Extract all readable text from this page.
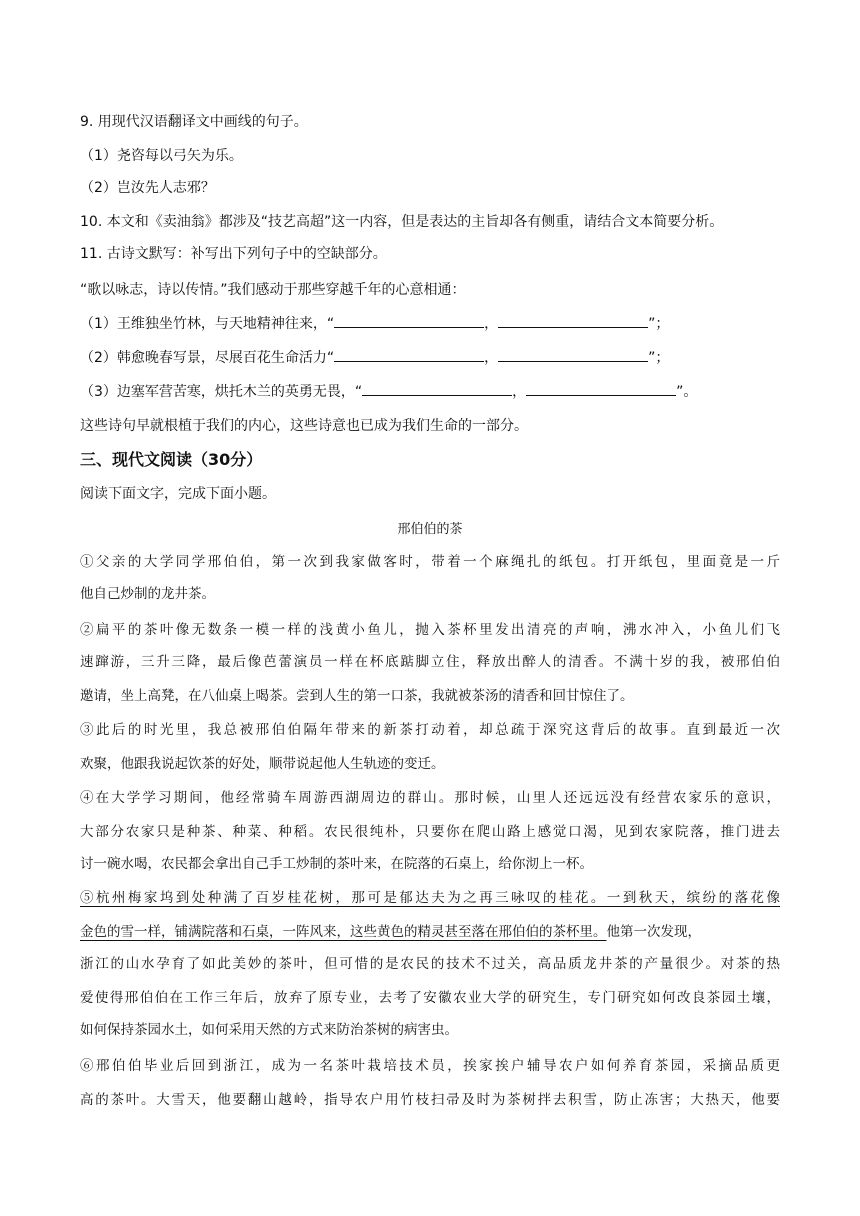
9. 用现代汉语翻译文中画线的句子。
（1）尧咨每以弓矢为乐。
（2）岂汝先人志邪？
10. 本文和《卖油翁》都涉及“技艺高超”这一内容，但是表达的主旨却各有侧重，请结合文本简要分析。
11. 古诗文默写：补写出下列句子中的空缺部分。
“歌以咏志，诗以传情。”我们感动于那些穿越千年的心意相通：
（1）王维独坐竹林，与天地精神往来，“	，	”；
（2）韩愈晚春写景，尽展百花生命活力“	，	”；
（3）边塞军营苦寒，烘托木兰的英勇无畏，“	，	”。
这些诗句早就根植于我们的内心，这些诗意也已成为我们生命的一部分。
三、现代文阅读（30分）
阅读下面文字，完成下面小题。
邢伯伯的茶
①父亲的大学同学邢伯伯，第一次到我家做客时，带着一个麻绳扎的纸包。打开纸包，里面竟是一斤
他自己炒制的龙井茶。
②扁平的茶叶像无数条一模一样的浅黄小鱼儿，抛入茶杯里发出清亮的声响，沸水冲入，小鱼儿们飞
速蹿游，三升三降，最后像芭蕾演员一样在杯底踮脚立住，释放出醉人的清香。不满十岁的我，被邢伯伯
邀请，坐上高凳，在八仙桌上喝茶。尝到人生的第一口茶，我就被茶汤的清香和回甘惊住了。
③此后的时光里，我总被邢伯伯隔年带来的新茶打动着，却总疏于深究这背后的故事。直到最近一次
欢聚，他跟我说起饮茶的好处，顺带说起他人生轨迹的变迁。
④在大学学习期间，他经常骑车周游西湖周边的群山。那时候，山里人还远远没有经营农家乐的意识，
大部分农家只是种茶、种菜、种稻。农民很纯朴，只要你在爬山路上感觉口渴，见到农家院落，推门进去
讨一碗水喝，农民都会拿出自己手工炒制的茶叶来，在院落的石桌上，给你沏上一杯。
⑤杭州梅家坞到处种满了百岁桂花树，那可是郁达夫为之再三咏叹的桂花。一到秋天，缤纷的落花像
金色的雪一样，铺满院落和石桌，一阵风来，这些黄色的精灵甚至落在邢伯伯的茶杯里。他第一次发现，
浙江的山水孕育了如此美妙的茶叶，但可惜的是农民的技术不过关，高品质龙井茶的产量很少。对茶的热
爱使得邢伯伯在工作三年后，放弃了原专业，去考了安徽农业大学的研究生，专门研究如何改良茶园土壤，
如何保持茶园水土，如何采用天然的方式来防治茶树的病害虫。
⑥邢伯伯毕业后回到浙江，成为一名茶叶栽培技术员，挨家挨户辅导农户如何养育茶园，采摘品质更
高的茶叶。大雪天，他要翻山越岭，指导农户用竹枝扫帚及时为茶树拌去积雪，防止冻害；大热天，他要
